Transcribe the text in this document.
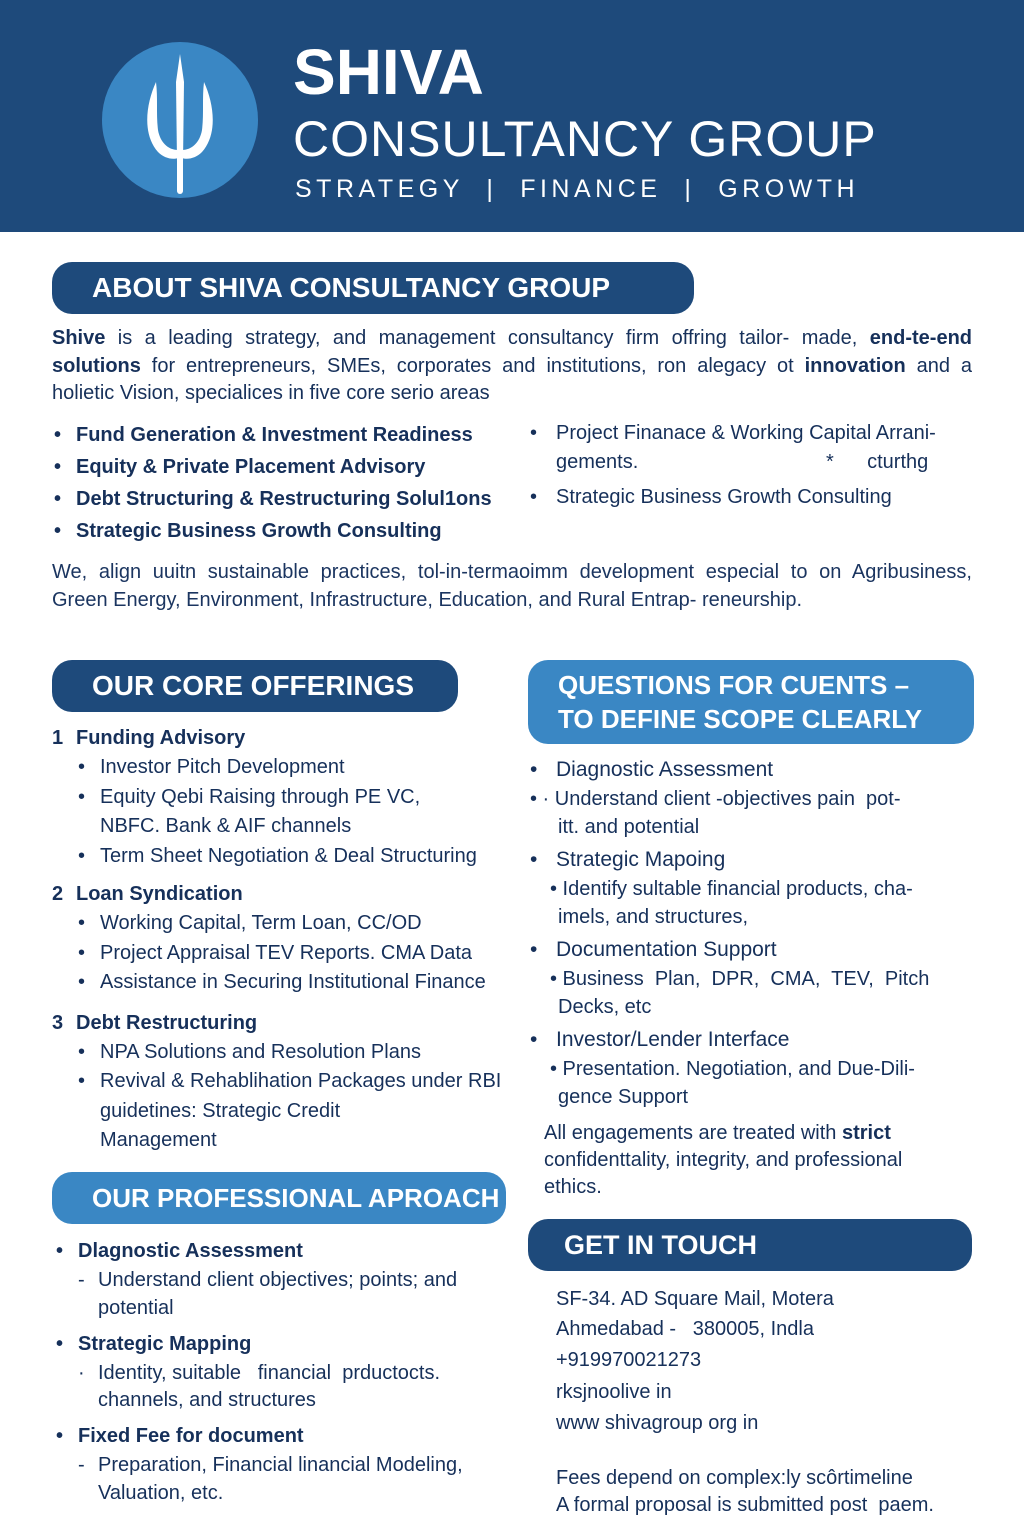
SHIVA
CONSULTANCY GROUP
STRATEGY  |  FINANCE  |  GROWTH
ABOUT SHIVA CONSULTANCY GROUP
Shive is a leading strategy, and management consultancy firm offring tailor- made, end-te-end solutions for entrepreneurs, SMEs, corporates and institutions, ron alegacy ot innovation and a holietic Vision, specialices in five core serio areas
• Fund Generation & Investment Readiness
• Equity & Private Placement Advisory
• Debt Structuring & Restructuring Solul1ons
• Strategic Business Growth Consulting
• Project Finanace & Working Capital Arrani- gements.	*      cturthg
• Strategic Business Growth Consulting
We, align uuitn sustainable practices, tol-in-termaoimm development especial to on Agribusiness, Green Energy, Environment, Infrastructure, Education, and Rural Entrap- reneurship.
OUR CORE OFFERINGS
1 Funding Advisory
• Investor Pitch Development
• Equity Qebi Raising through PE VC,
NBFC. Bank & AIF channels
• Term Sheet Negotiation & Deal Structuring
2 Loan Syndication
• Working Capital, Term Loan, CC/OD
• Project Appraisal TEV Reports. CMA Data
• Assistance in Securing Institutional Finance
3 Debt Restructuring
• NPA Solutions and Resolution Plans
• Revival & Rehablihation Packages under RBI
guidetines: Strategic Credit
Management
OUR PROFESSIONAL APROACH
• Dlagnostic Assessment
- Understand client objectives; points; and
potential
• Strategic Mapping
· Identity, suitable   financial  prductocts.
channels, and structures
• Fixed Fee for document
- Preparation, Financial linancial Modeling,
Valuation, etc.
QUESTIONS FOR CUENTS –
TO DEFINE SCOPE CLEARLY
• Diagnostic Assessment
• · Understand client -objectives pain  pot-
itt. and potential
• Strategic Mapoing
• Identify sultable financial products, cha-
imels, and structures,
• Documentation Support
• Business  Plan,  DPR,  CMA,  TEV,  Pitch
Decks, etc
• Investor/Lender Interface
• Presentation. Negotiation, and Due-Dili-
gence Support
All engagements are treated with strict confidenttality, integrity, and professional ethics.
GET IN TOUCH
SF-34. AD Square Mail, Motera
Ahmedabad -   380005, Indla
+919970021273
rksjnoolive in
www shivagroup org in
Fees depend on complex:ly scôrtimeline
A formal proposal is submitted post  paem.
